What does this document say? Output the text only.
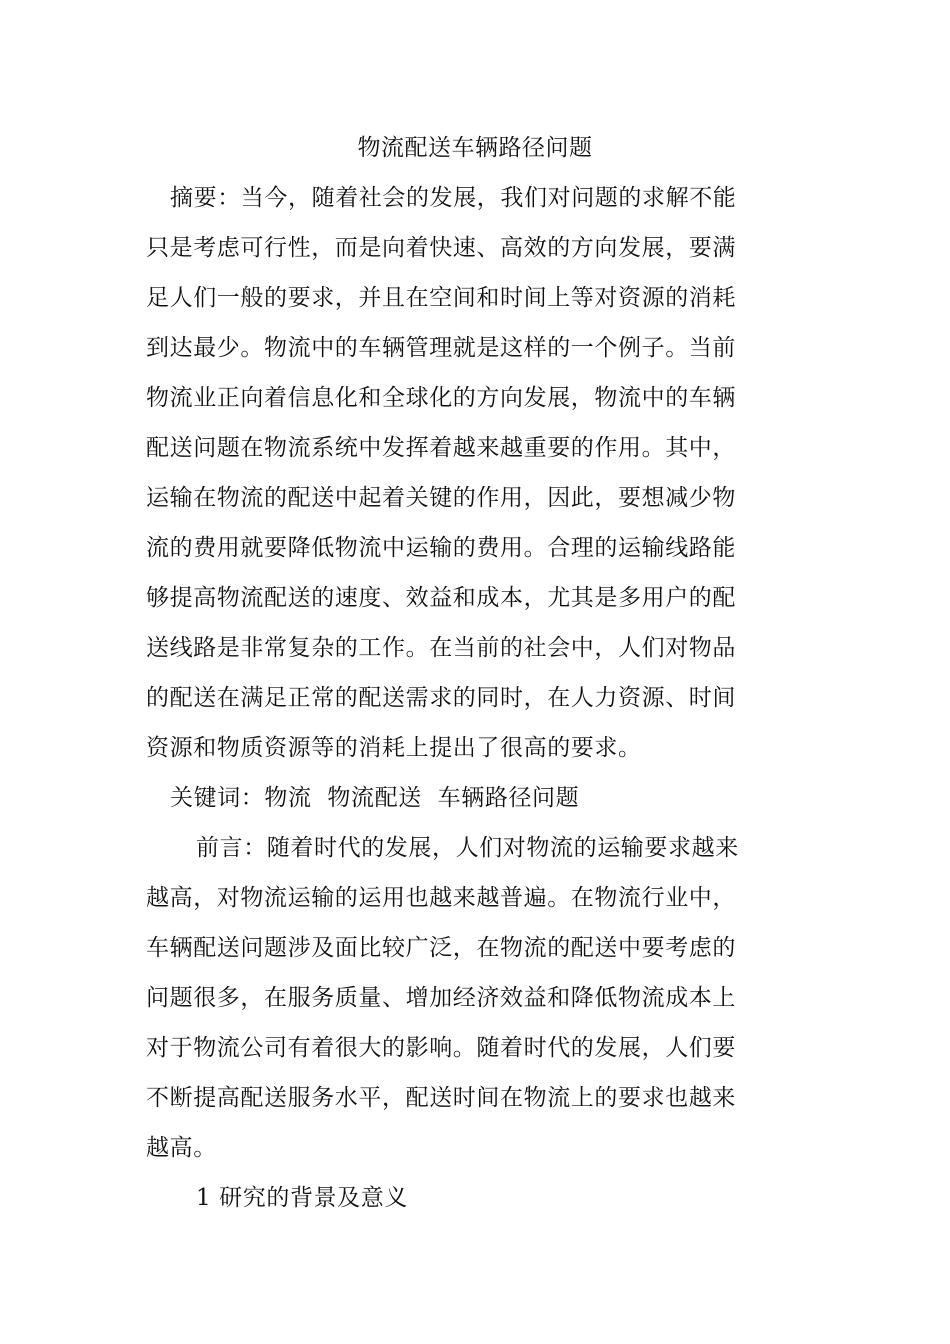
物流配送车辆路径问题
摘要：当今，随着社会的发展，我们对问题的求解不能
只是考虑可行性，而是向着快速、高效的方向发展，要满
足人们一般的要求，并且在空间和时间上等对资源的消耗
到达最少。物流中的车辆管理就是这样的一个例子。当前
物流业正向着信息化和全球化的方向发展，物流中的车辆
配送问题在物流系统中发挥着越来越重要的作用。其中，
运输在物流的配送中起着关键的作用，因此，要想减少物
流的费用就要降低物流中运输的费用。合理的运输线路能
够提高物流配送的速度、效益和成本，尤其是多用户的配
送线路是非常复杂的工作。在当前的社会中，人们对物品
的配送在满足正常的配送需求的同时，在人力资源、时间
资源和物质资源等的消耗上提出了很高的要求。
关键词：物流  物流配送  车辆路径问题
前言：随着时代的发展，人们对物流的运输要求越来
越高，对物流运输的运用也越来越普遍。在物流行业中，
车辆配送问题涉及面比较广泛，在物流的配送中要考虑的
问题很多，在服务质量、增加经济效益和降低物流成本上
对于物流公司有着很大的影响。随着时代的发展，人们要
不断提高配送服务水平，配送时间在物流上的要求也越来
越高。
1 研究的背景及意义
